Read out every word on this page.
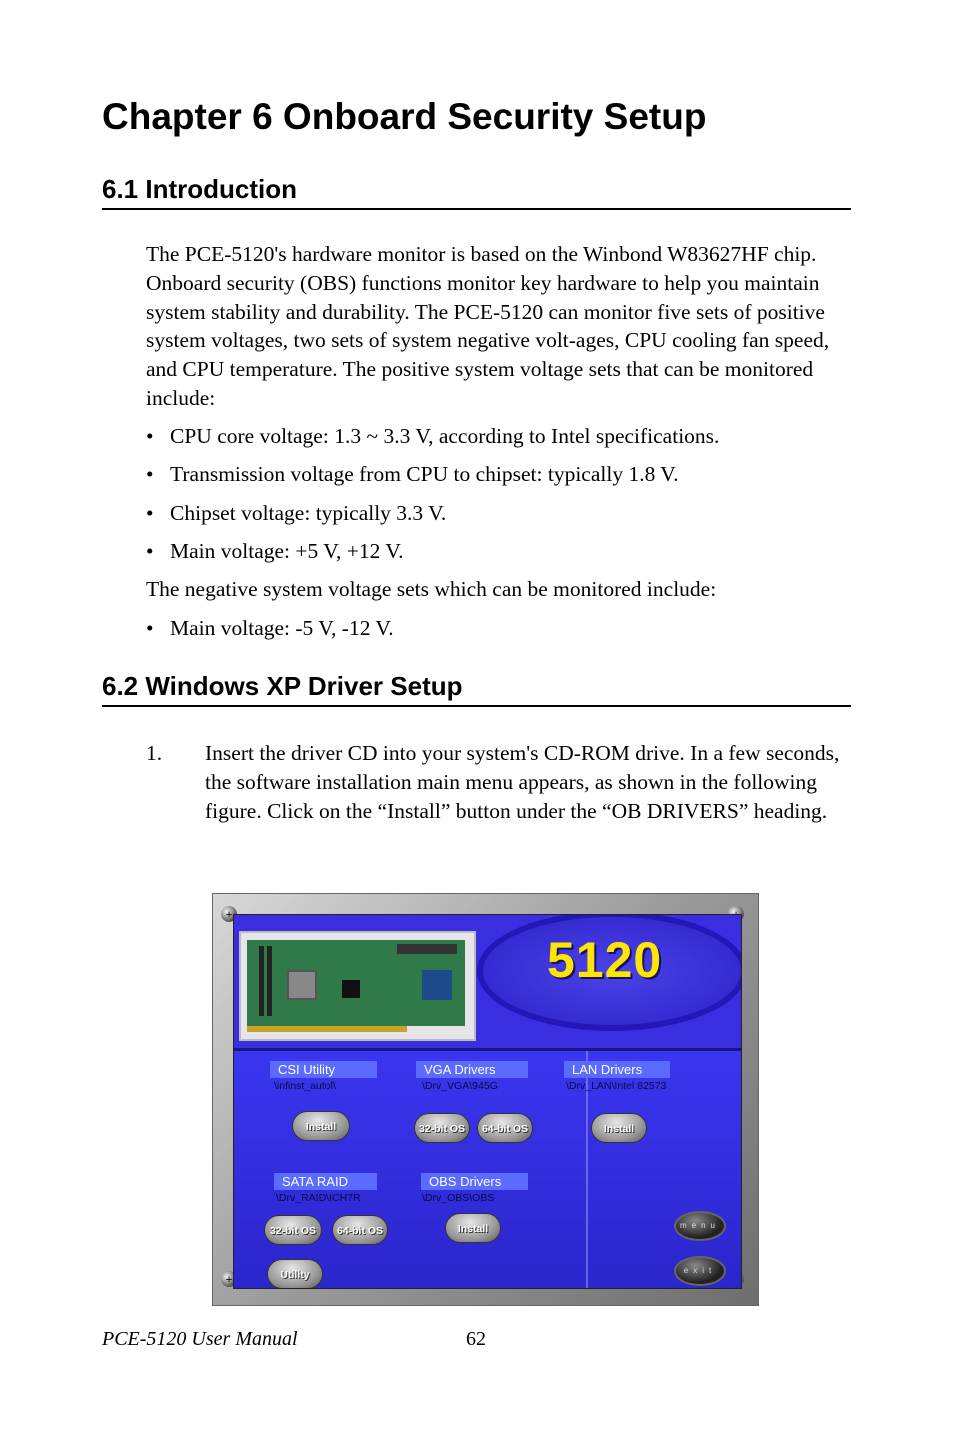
Chapter 6 Onboard Security Setup
6.1 Introduction

The PCE-5120's hardware monitor is based on the Winbond W83627HF chip. Onboard security (OBS) functions monitor key hardware to help you maintain system stability and durability. The PCE-5120 can monitor five sets of positive system voltages, two sets of system negative volt-ages, CPU cooling fan speed, and CPU temperature. The positive system voltage sets that can be monitored include:

• CPU core voltage: 1.3 ~ 3.3 V, according to Intel specifications.
• Transmission voltage from CPU to chipset: typically 1.8 V.
• Chipset voltage: typically 3.3 V.
• Main voltage: +5 V, +12 V.

The negative system voltage sets which can be monitored include:

• Main voltage: -5 V, -12 V.
6.2 Windows XP Driver Setup
1. Insert the driver CD into your system's CD-ROM drive. In a few seconds, the software installation main menu appears, as shown in the following figure. Click on the “Install” button under the “OB DRIVERS” heading.

+
+
5120
CSI Utility
\infinst_autol\
Install
VGA Drivers
\Drv_VGA\945G
32-bit OS	64-bit OS
LAN Drivers
\Drv_LAN\Intel 82573
Install
SATA RAID
\Drv_RAID\ICH7R
32-bit OS	64-bit OS
Utility
OBS Drivers
\Drv_OBS\OBS
Install	menu
exit
PCE-5120 User Manual	62
